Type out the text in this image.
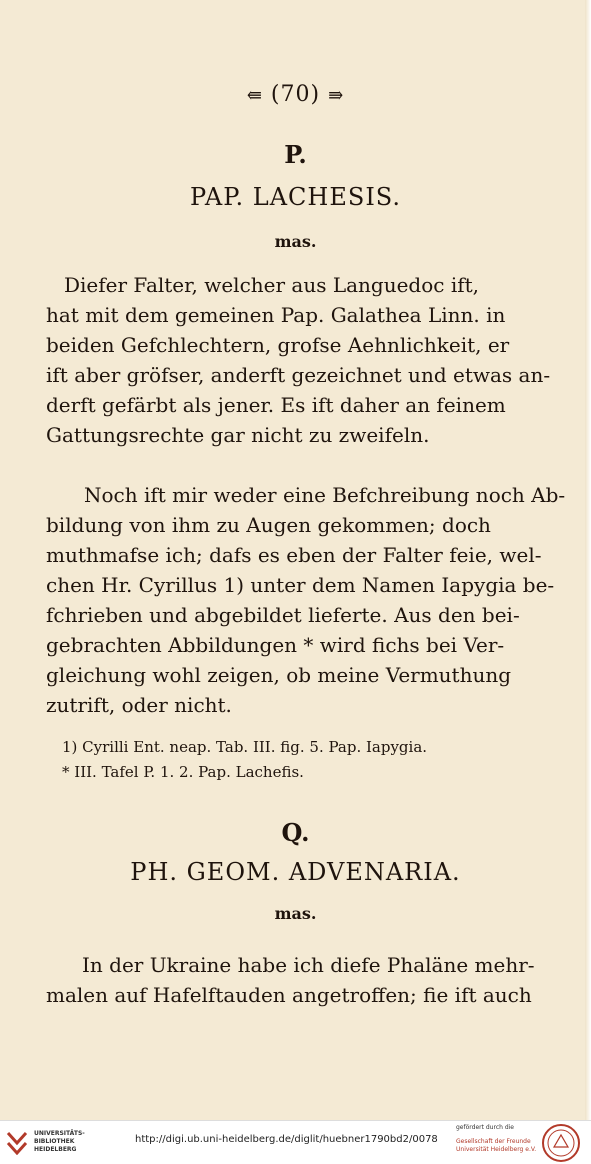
⇚ (70) ⇛
P.
PAP. LACHESIS.
mas.
Diefer Falter, welcher aus Languedoc ift,
hat mit dem gemeinen Pap. Galathea Linn. in
beiden Gefchlechtern, grofse Aehnlichkeit, er
ift aber gröfser, anderft gezeichnet und etwas an-
derft gefärbt als jener. Es ift daher an feinem
Gattungsrechte gar nicht zu zweifeln.
Noch ift mir weder eine Befchreibung noch Ab-
bildung von ihm zu Augen gekommen; doch
muthmafse ich; dafs es eben der Falter feie, wel-
chen Hr. Cyrillus 1) unter dem Namen Iapygia be-
fchrieben und abgebildet lieferte. Aus den bei-
gebrachten Abbildungen * wird fichs bei Ver-
gleichung wohl zeigen, ob meine Vermuthung
zutrift, oder nicht.
1) Cyrilli Ent. neap. Tab. III. fig. 5. Pap. Iapygia.
* III. Tafel P. 1. 2. Pap. Lachefis.
Q.
PH. GEOM. ADVENARIA.
mas.
In der Ukraine habe ich diefe Phaläne mehr-
malen auf Hafelftauden angetroffen; fie ift auch
UNIVERSITÄTS-
BIBLIOTHEK
HEIDELBERG
http://digi.ub.uni-heidelberg.de/diglit/huebner1790bd2/0078
gefördert durch die
Gesellschaft der Freunde
Universität Heidelberg e.V.
